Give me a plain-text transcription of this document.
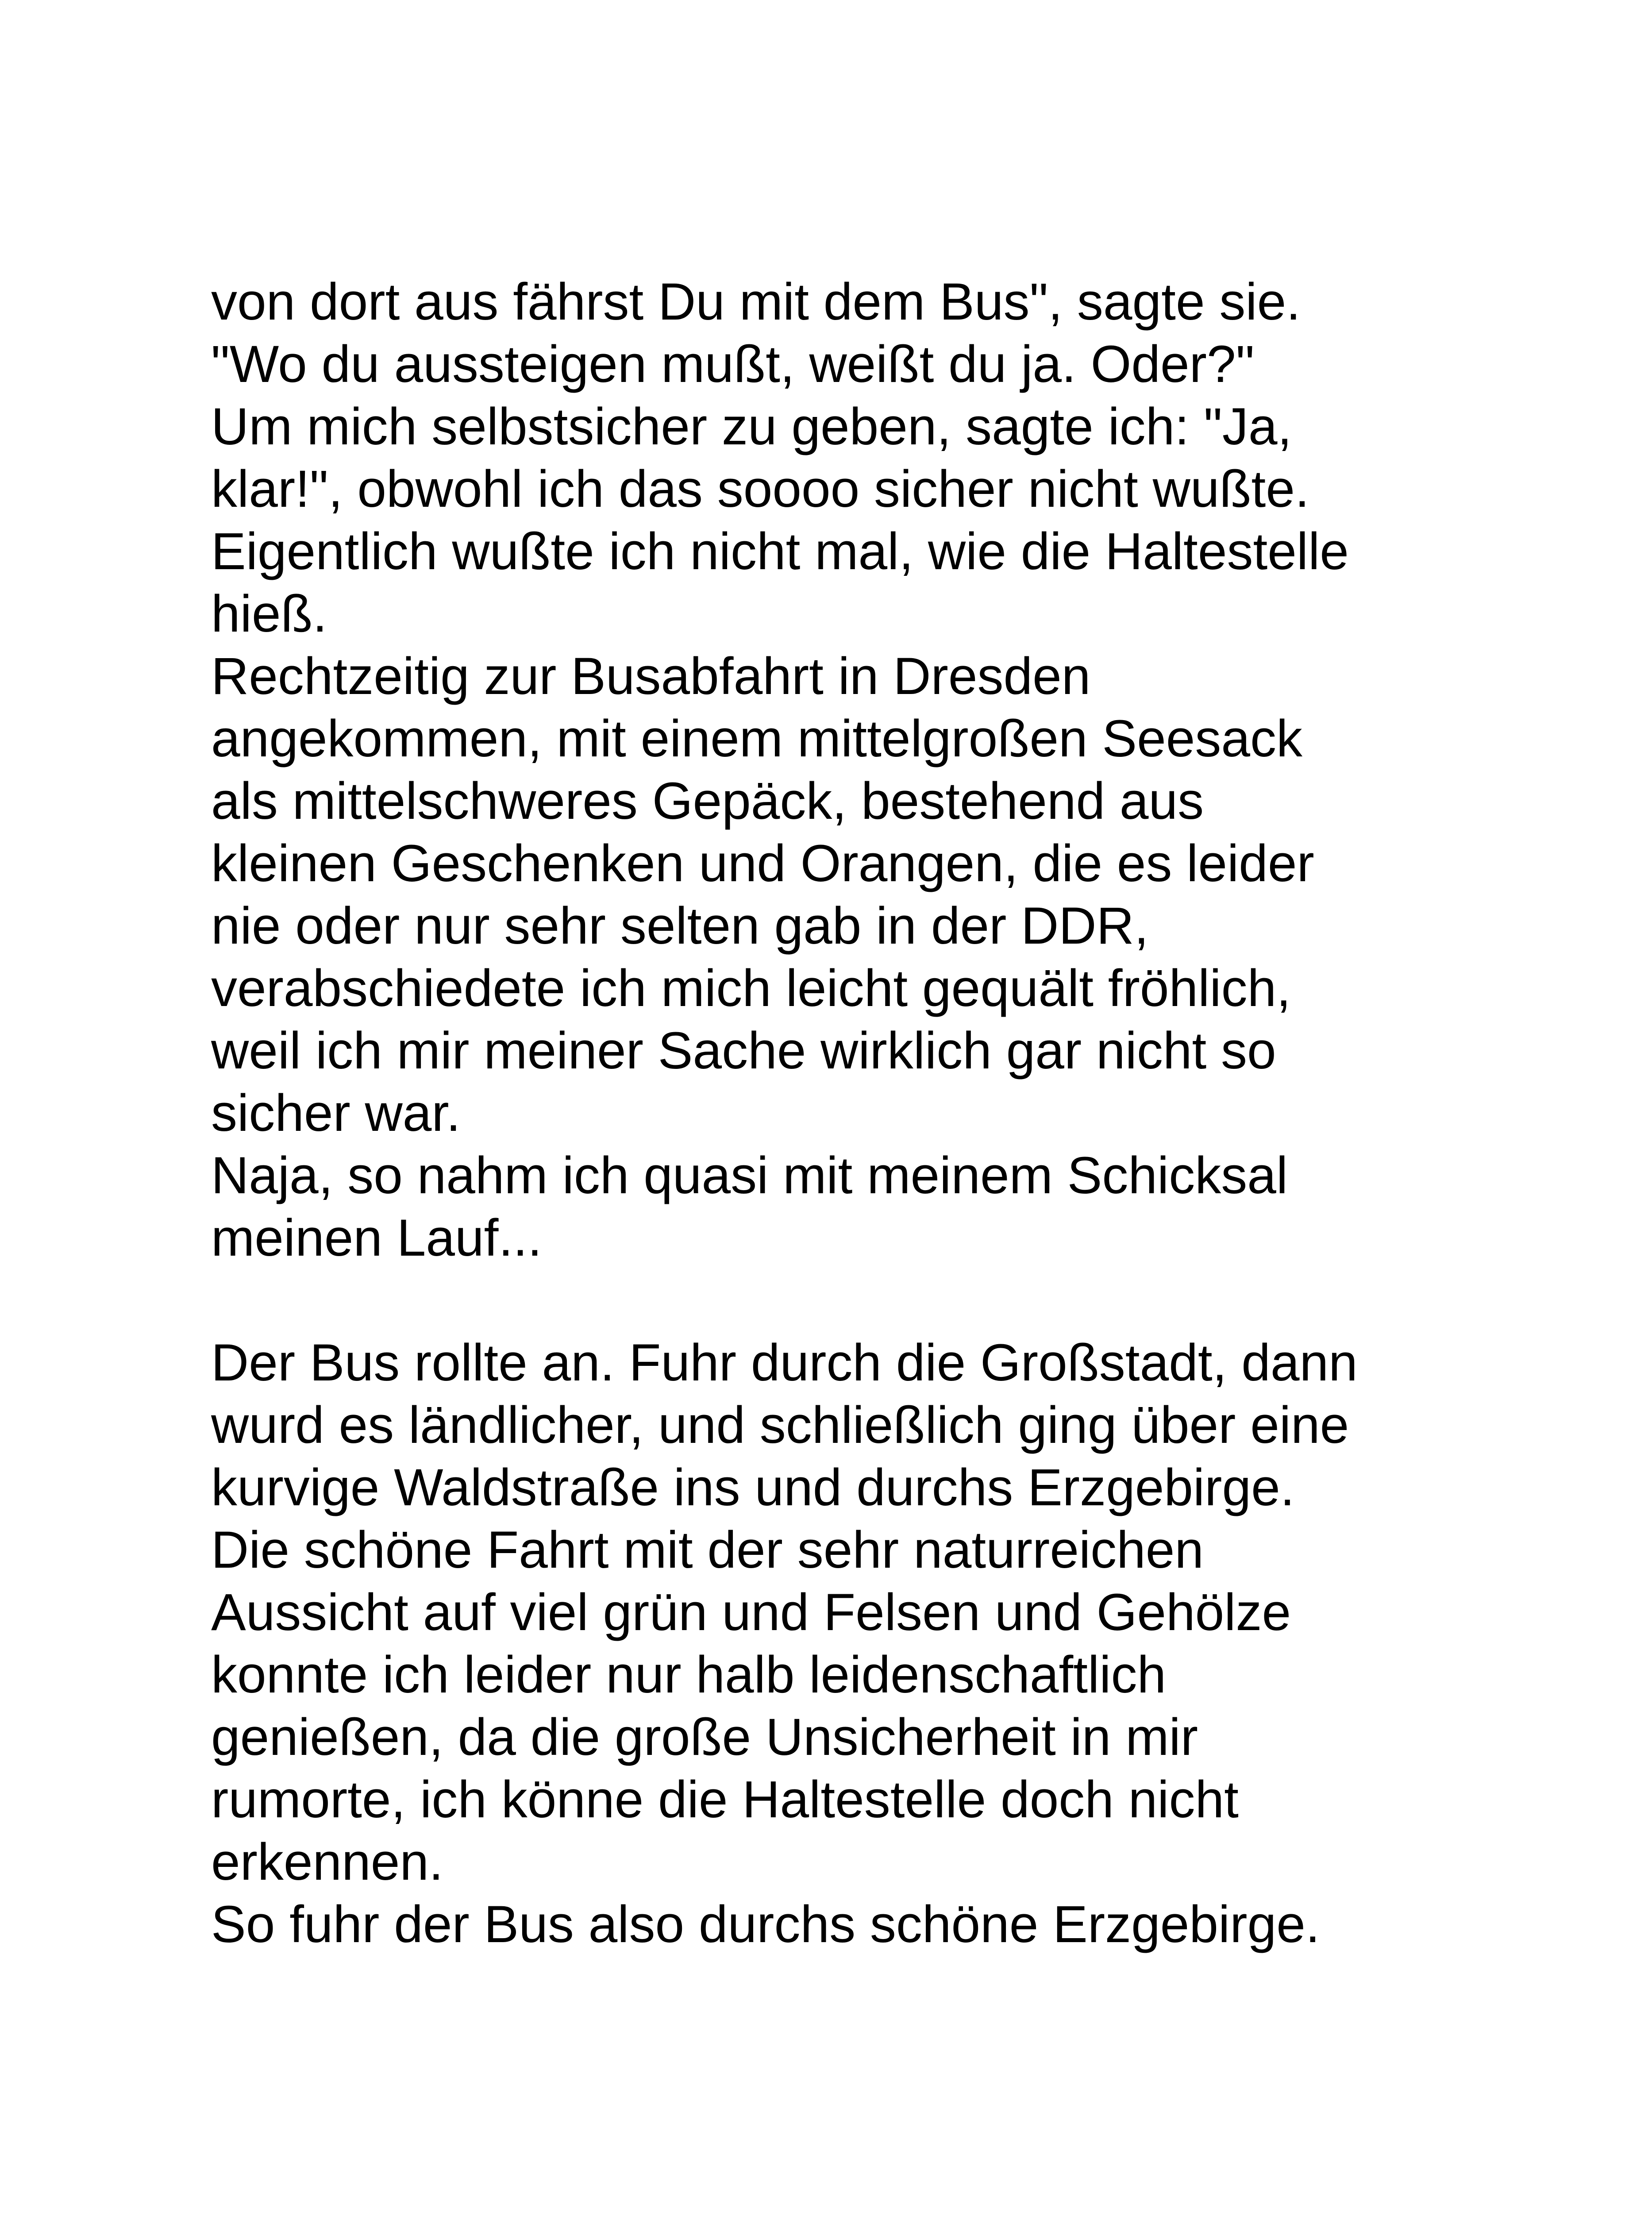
von dort aus fährst Du mit dem Bus", sagte sie.
"Wo du aussteigen mußt, weißt du ja. Oder?"
Um mich selbstsicher zu geben, sagte ich: "Ja,
klar!", obwohl ich das soooo sicher nicht wußte.
Eigentlich wußte ich nicht mal, wie die Haltestelle
hieß.
Rechtzeitig zur Busabfahrt in Dresden
angekommen, mit einem mittelgroßen Seesack
als mittelschweres Gepäck, bestehend aus
kleinen Geschenken und Orangen, die es leider
nie oder nur sehr selten gab in der DDR,
verabschiedete ich mich leicht gequält fröhlich,
weil ich mir meiner Sache wirklich gar nicht so
sicher war.
Naja, so nahm ich quasi mit meinem Schicksal
meinen Lauf...
Der Bus rollte an. Fuhr durch die Großstadt, dann
wurd es ländlicher, und schließlich ging über eine
kurvige Waldstraße ins und durchs Erzgebirge.
Die schöne Fahrt mit der sehr naturreichen
Aussicht auf viel grün und Felsen und Gehölze
konnte ich leider nur halb leidenschaftlich
genießen, da die große Unsicherheit in mir
rumorte, ich könne die Haltestelle doch nicht
erkennen.
So fuhr der Bus also durchs schöne Erzgebirge.
